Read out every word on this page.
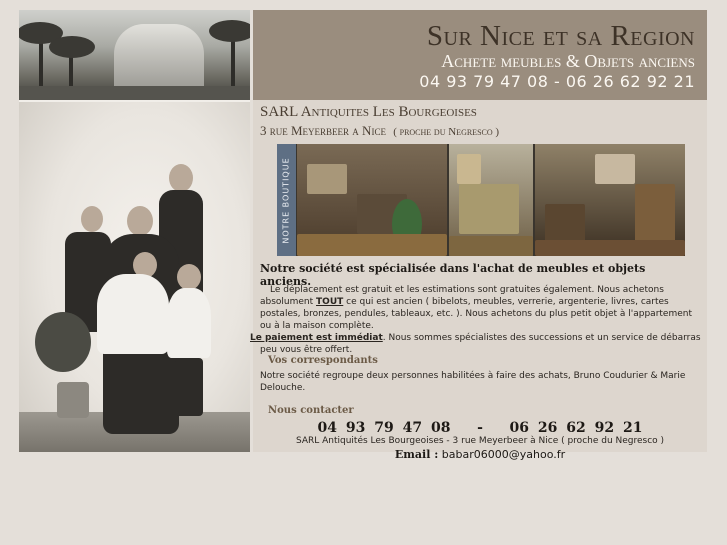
Sur Nice et sa Region
Achete meubles & Objets anciens
04 93 79 47 08 - 06 26 62 92 21
SARL Antiquites Les Bourgeoises
3 rue Meyerbeer a Nice ( proche du Negresco )
NOTRE BOUTIQUE
Notre société est spécialisée dans l'achat de meubles et objets anciens.
Le déplacement est gratuit et les estimations sont gratuites également. Nous achetons absolument TOUT ce qui est ancien ( bibelots, meubles, verrerie, argenterie, livres, cartes postales, bronzes, pendules, tableaux, etc. ). Nous achetons du plus petit objet à l'appartement ou à la maison complète.
Le paiement est immédiat. Nous sommes spécialistes des successions et un service de débarras peu vous être offert.
Vos correspondants
Notre société regroupe deux personnes habilitées à faire des achats, Bruno Coudurier & Marie Delouche.
Nous contacter
04 93 79 47 08 - 06 26 62 92 21
SARL Antiquités Les Bourgeoises - 3 rue Meyerbeer à Nice ( proche du Negresco )
Email : babar06000@yahoo.fr
